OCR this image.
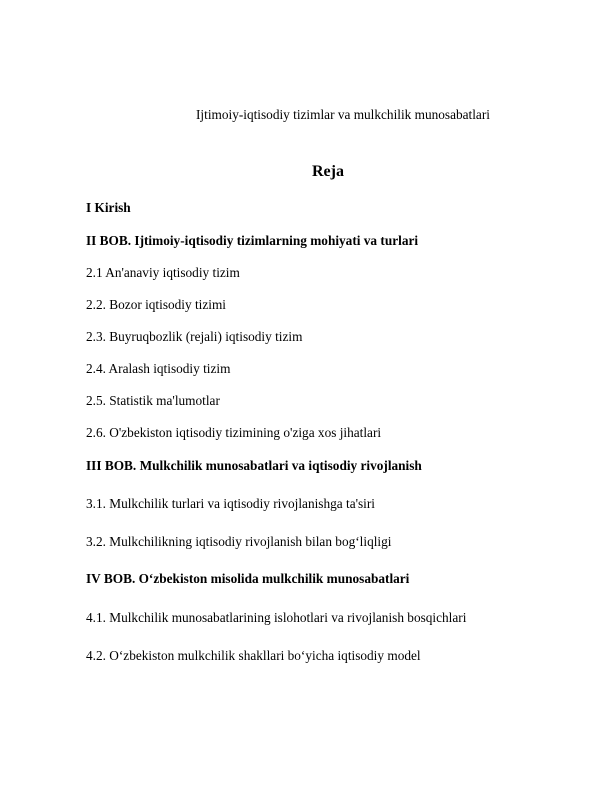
Ijtimoiy-iqtisodiy tizimlar va mulkchilik munosabatlari
Reja
I Kirish
II BOB. Ijtimoiy-iqtisodiy tizimlarning mohiyati va turlari
2.1 An'anaviy iqtisodiy tizim
2.2. Bozor iqtisodiy tizimi
2.3. Buyruqbozlik (rejali) iqtisodiy tizim
2.4. Aralash iqtisodiy tizim
2.5. Statistik ma'lumotlar
2.6. O'zbekiston iqtisodiy tizimining o'ziga xos jihatlari
III BOB. Mulkchilik munosabatlari va iqtisodiy rivojlanish
3.1. Mulkchilik turlari va iqtisodiy rivojlanishga ta'siri
3.2. Mulkchilikning iqtisodiy rivojlanish bilan bog‘liqligi
IV BOB. O‘zbekiston misolida mulkchilik munosabatlari
4.1. Mulkchilik munosabatlarining islohotlari va rivojlanish bosqichlari
4.2. O‘zbekiston mulkchilik shakllari bo‘yicha iqtisodiy model
